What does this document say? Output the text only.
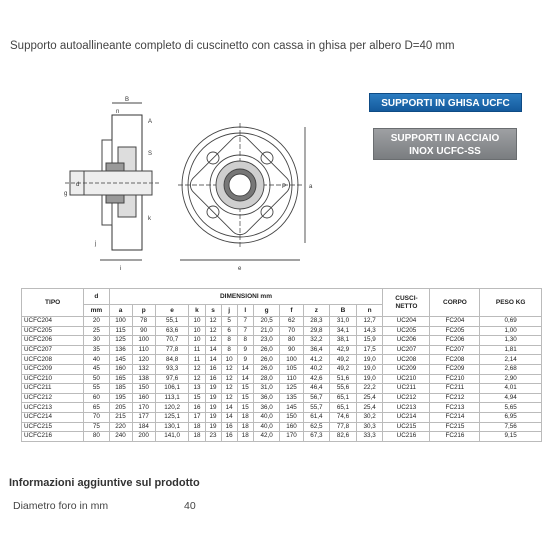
Supporto autoallineante completo di cuscinetto con cassa in ghisa per albero D=40 mm
B
n
A
S
d
g
j
i
k
P	a
e
SUPPORTI IN GHISA UCFC
SUPPORTI IN ACCIAIO
INOX UCFC-SS
TIPO	d	DIMENSIONI mm												CUSCI-
NETTO	CORPO	PESO KG
	mm	a	p	e	k	s	j	l	g	f	z	B	n			
UCFC204	20	100	78	55,1	10	12	5	7	20,5	62	28,3	31,0	12,7	UC204	FC204	0,69
UCFC205	25	115	90	63,6	10	12	6	7	21,0	70	29,8	34,1	14,3	UC205	FC205	1,00
UCFC206	30	125	100	70,7	10	12	8	8	23,0	80	32,2	38,1	15,9	UC206	FC206	1,30
UCFC207	35	136	110	77,8	11	14	8	9	26,0	90	36,4	42,9	17,5	UC207	FC207	1,81
UCFC208	40	145	120	84,8	11	14	10	9	26,0	100	41,2	49,2	19,0	UC208	FC208	2,14
UCFC209	45	160	132	93,3	12	16	12	14	26,0	105	40,2	49,2	19,0	UC209	FC209	2,68
UCFC210	50	165	138	97,6	12	16	12	14	28,0	110	42,6	51,6	19,0	UC210	FC210	2,90
UCFC211	55	185	150	106,1	13	19	12	15	31,0	125	46,4	55,6	22,2	UC211	FC211	4,01
UCFC212	60	195	160	113,1	15	19	12	15	36,0	135	56,7	65,1	25,4	UC212	FC212	4,94
UCFC213	65	205	170	120,2	16	19	14	15	36,0	145	55,7	65,1	25,4	UC213	FC213	5,65
UCFC214	70	215	177	125,1	17	19	14	18	40,0	150	61,4	74,6	30,2	UC214	FC214	6,95
UCFC215	75	220	184	130,1	18	19	16	18	40,0	160	62,5	77,8	30,3	UC215	FC215	7,56
UCFC216	80	240	200	141,0	18	23	16	18	42,0	170	67,3	82,6	33,3	UC216	FC216	9,15
Informazioni aggiuntive sul prodotto
Diametro foro in mm	40
